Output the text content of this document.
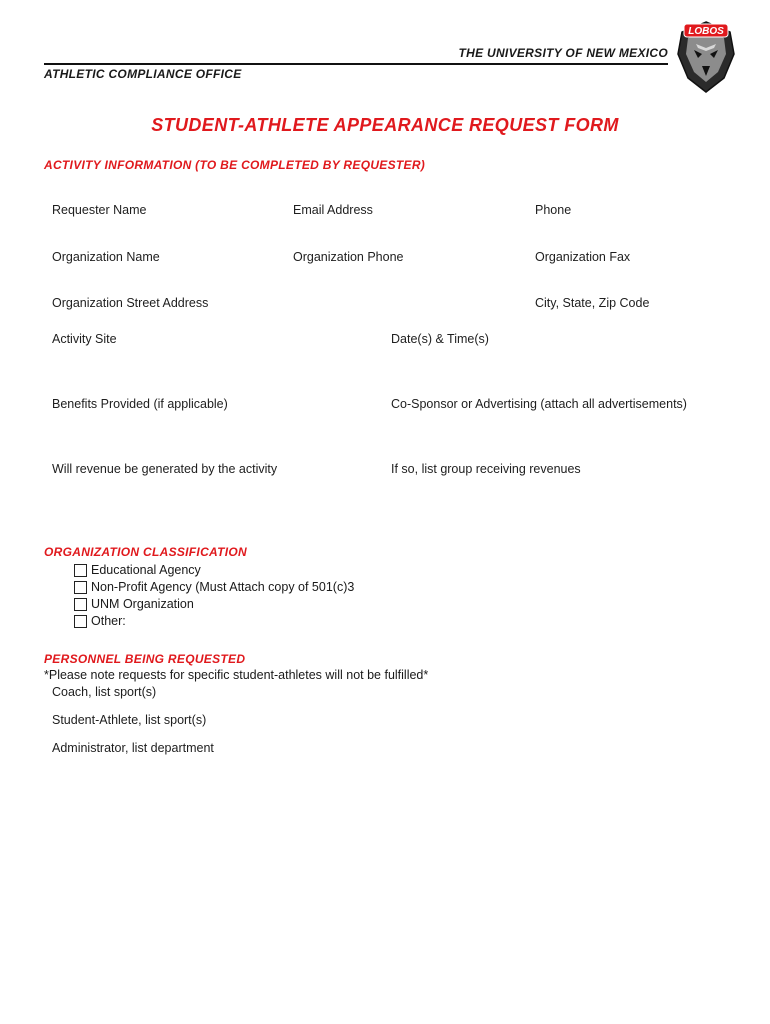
THE UNIVERSITY OF NEW MEXICO
ATHLETIC COMPLIANCE OFFICE
LOBOS
STUDENT-ATHLETE APPEARANCE REQUEST FORM
ACTIVITY INFORMATION (TO BE COMPLETED BY REQUESTER)
Requester Name	Email Address	Phone
Organization Name	Organization Phone	Organization Fax
Organization Street Address	City, State, Zip Code
Activity Site	Date(s) & Time(s)
Benefits Provided (if applicable)	Co-Sponsor or Advertising (attach all advertisements)
Will revenue be generated by the activity	If so, list group receiving revenues
ORGANIZATION CLASSIFICATION
Educational Agency
Non-Profit Agency (Must Attach copy of 501(c)3
UNM Organization
Other:
PERSONNEL BEING REQUESTED
*Please note requests for specific student-athletes will not be fulfilled*
Coach, list sport(s)
Student-Athlete, list sport(s)
Administrator, list department
